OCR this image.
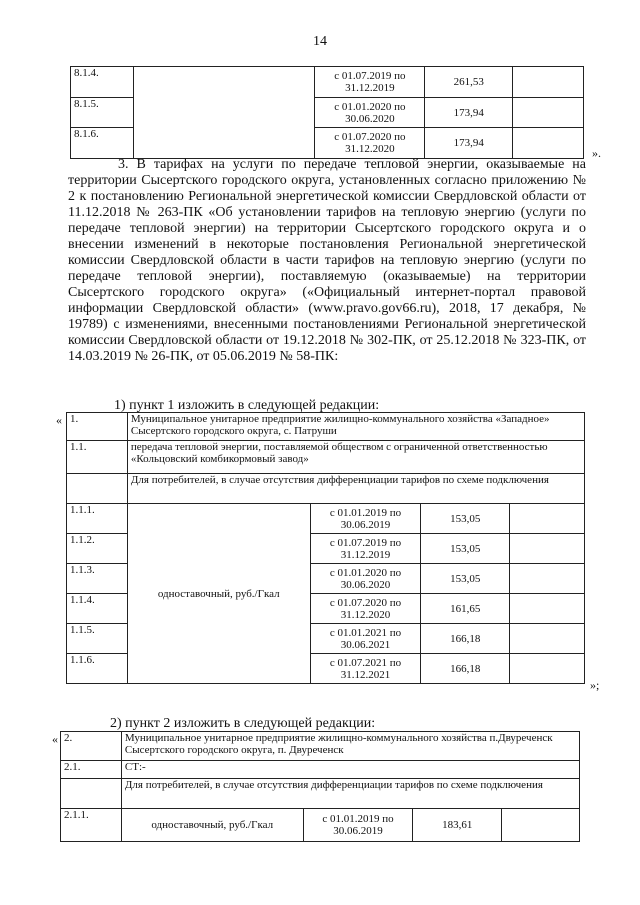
14
8.1.4.		с 01.07.2019 по 31.12.2019	261,53	
8.1.5.		с 01.01.2020 по 30.06.2020	173,94	
8.1.6.		с 01.07.2020 по 31.12.2020	173,94	
».
3. В тарифах на услуги по передаче тепловой энергии, оказываемые на территории Сысертского городского округа, установленных согласно приложению № 2 к постановлению Региональной энергетической комиссии Свердловской области от 11.12.2018 № 263-ПК «Об установлении тарифов на тепловую энергию (услуги по передаче тепловой энергии) на территории Сысертского городского округа и о внесении изменений в некоторые постановления Региональной энергетической комиссии Свердловской области в части тарифов на тепловую энергию (услуги по передаче тепловой энергии), поставляемую (оказываемые) на территории Сысертского городского округа» («Официальный интернет-портал правовой информации Свердловской области» (www.pravo.gov66.ru), 2018, 17 декабря, № 19789) с изменениями, внесенными постановлениями Региональной энергетической комиссии Свердловской области от 19.12.2018 № 302-ПК, от 25.12.2018 № 323-ПК, от 14.03.2019 № 26-ПК, от 05.06.2019 № 58-ПК:
1) пункт 1 изложить в следующей редакции:
« 1.	Муниципальное унитарное предприятие жилищно-коммунального хозяйства «Западное» Сысертского городского округа, с. Патруши			
1.1.	передача тепловой энергии, поставляемой обществом с ограниченной ответственностью «Кольцовский комбикормовый завод»			
	Для потребителей, в случае отсутствия дифференциации тарифов по схеме подключения			
1.1.1.	одноставочный, руб./Гкал	с 01.01.2019 по 30.06.2019	153,05	
1.1.2.		с 01.07.2019 по 31.12.2019	153,05	
1.1.3.		с 01.01.2020 по 30.06.2020	153,05	
1.1.4.		с 01.07.2020 по 31.12.2020	161,65	
1.1.5.		с 01.01.2021 по 30.06.2021	166,18	
1.1.6.		с 01.07.2021 по 31.12.2021	166,18	
»;
2) пункт 2 изложить в следующей редакции:
« 2.	Муниципальное унитарное предприятие жилищно-коммунального хозяйства п.Двуреченск Сысертского городского округа, п. Двуреченск			
2.1.	СТ:-			
	Для потребителей, в случае отсутствия дифференциации тарифов по схеме подключения			
2.1.1.	одноставочный, руб./Гкал	с 01.01.2019 по 30.06.2019	183,61	
